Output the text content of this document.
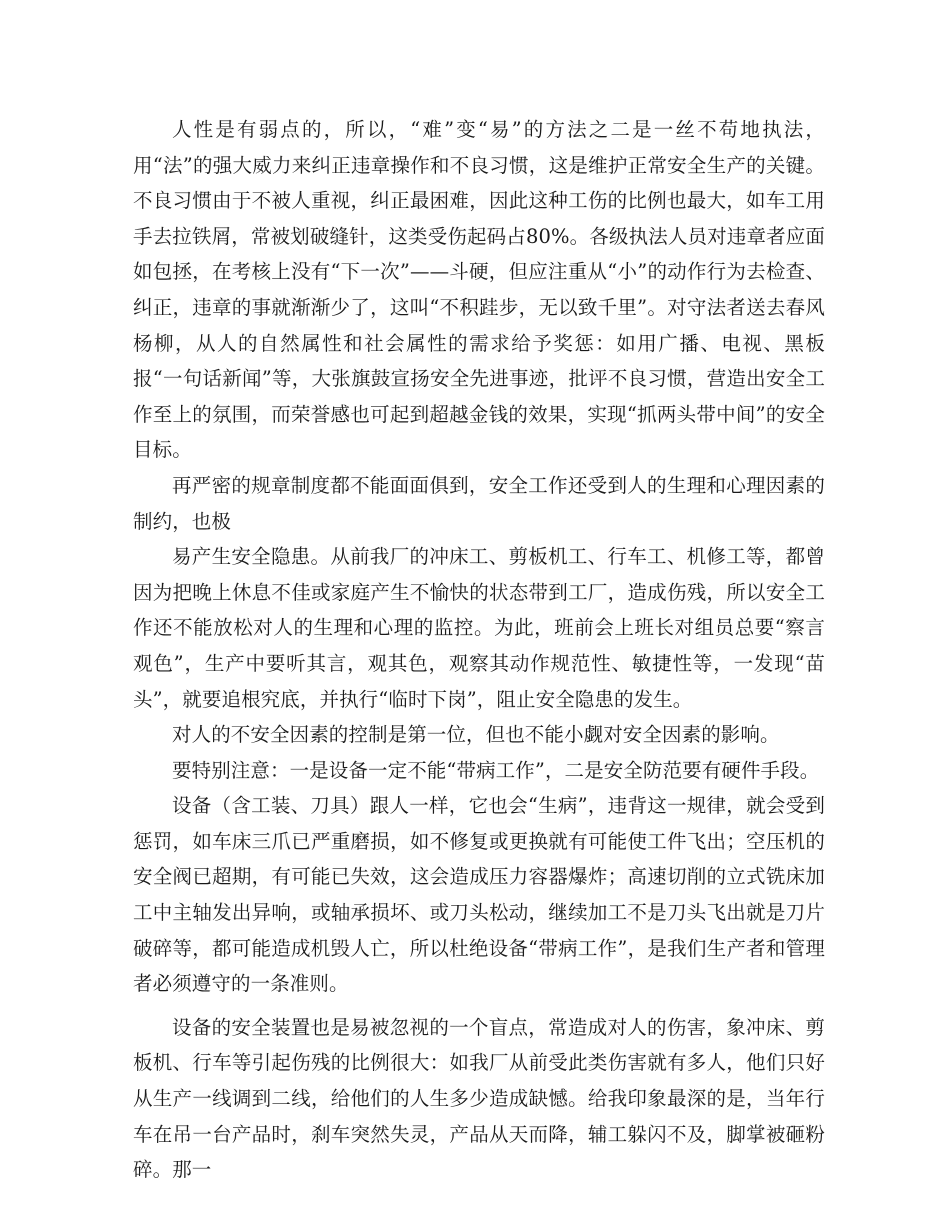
人性是有弱点的，所以，“难”变“易”的方法之二是一丝不苟地执法，用“法”的强大威力来纠正违章操作和不良习惯，这是维护正常安全生产的关键。不良习惯由于不被人重视，纠正最困难，因此这种工伤的比例也最大，如车工用手去拉铁屑，常被划破缝针，这类受伤起码占80%。各级执法人员对违章者应面如包拯，在考核上没有“下一次”——斗硬，但应注重从“小”的动作行为去检查、纠正，违章的事就渐渐少了，这叫“不积跬步，无以致千里”。对守法者送去春风杨柳，从人的自然属性和社会属性的需求给予奖惩：如用广播、电视、黑板报“一句话新闻”等，大张旗鼓宣扬安全先进事迹，批评不良习惯，营造出安全工作至上的氛围，而荣誉感也可起到超越金钱的效果，实现“抓两头带中间”的安全目标。

再严密的规章制度都不能面面俱到，安全工作还受到人的生理和心理因素的制约，也极

易产生安全隐患。从前我厂的冲床工、剪板机工、行车工、机修工等，都曾因为把晚上休息不佳或家庭产生不愉快的状态带到工厂，造成伤残，所以安全工作还不能放松对人的生理和心理的监控。为此，班前会上班长对组员总要“察言观色”，生产中要听其言，观其色，观察其动作规范性、敏捷性等，一发现“苗头”，就要追根究底，并执行“临时下岗”，阻止安全隐患的发生。

对人的不安全因素的控制是第一位，但也不能小觑对安全因素的影响。

要特别注意：一是设备一定不能“带病工作”，二是安全防范要有硬件手段。

设备（含工装、刀具）跟人一样，它也会“生病”，违背这一规律，就会受到惩罚，如车床三爪已严重磨损，如不修复或更换就有可能使工件飞出；空压机的安全阀已超期，有可能已失效，这会造成压力容器爆炸；高速切削的立式铣床加工中主轴发出异响，或轴承损坏、或刀头松动，继续加工不是刀头飞出就是刀片破碎等，都可能造成机毁人亡，所以杜绝设备“带病工作”，是我们生产者和管理者必须遵守的一条准则。

设备的安全装置也是易被忽视的一个盲点，常造成对人的伤害，象冲床、剪板机、行车等引起伤残的比例很大：如我厂从前受此类伤害就有多人，他们只好从生产一线调到二线，给他们的人生多少造成缺憾。给我印象最深的是，当年行车在吊一台产品时，刹车突然失灵，产品从天而降，辅工躲闪不及，脚掌被砸粉碎。那一
